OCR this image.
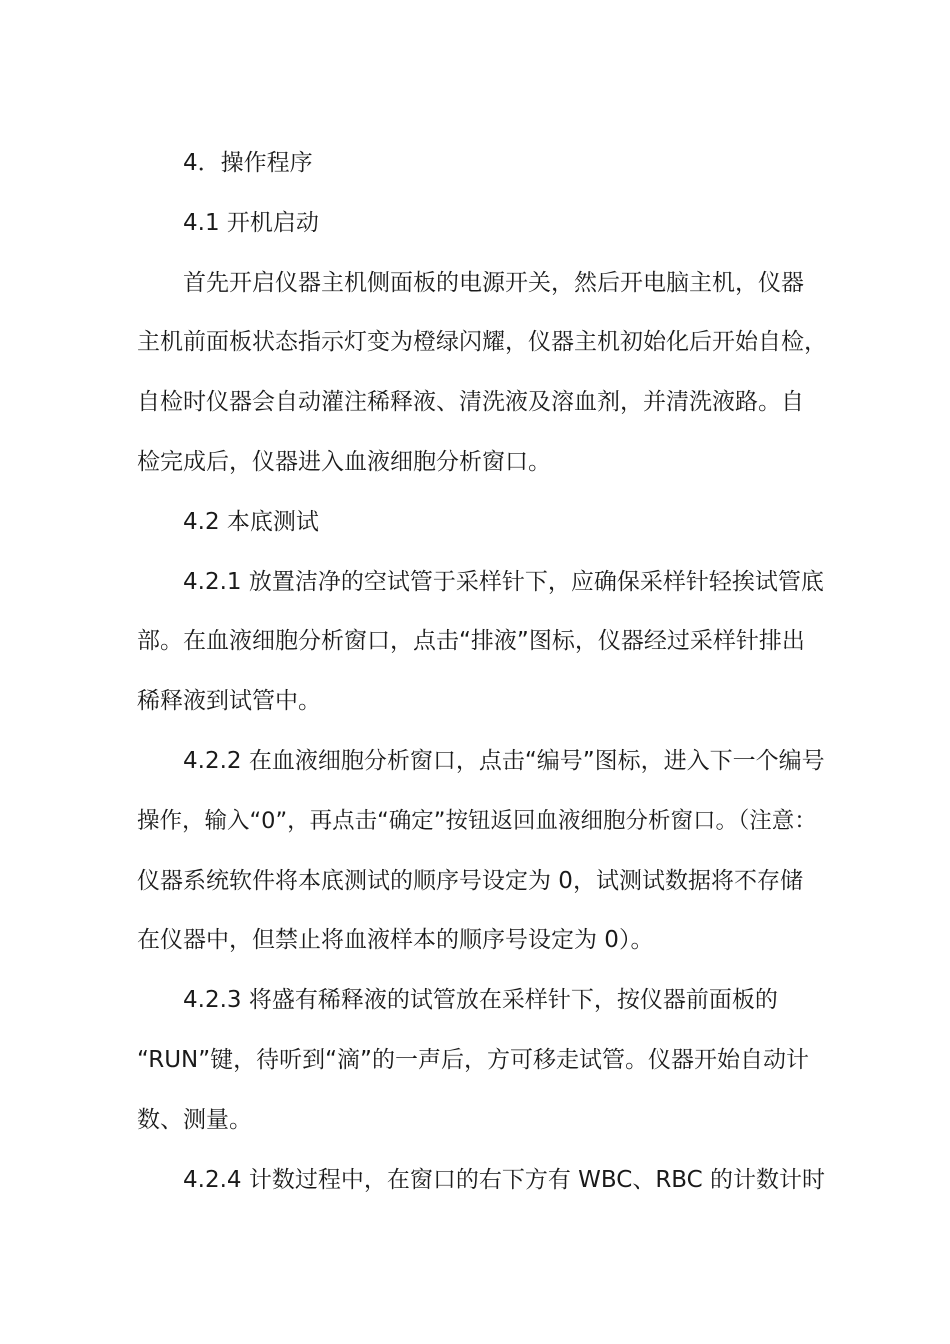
4．操作程序
4.1 开机启动
首先开启仪器主机侧面板的电源开关，然后开电脑主机，仪器
主机前面板状态指示灯变为橙绿闪耀，仪器主机初始化后开始自检，
自检时仪器会自动灌注稀释液、清洗液及溶血剂，并清洗液路。自
检完成后，仪器进入血液细胞分析窗口。
4.2 本底测试
4.2.1 放置洁净的空试管于采样针下，应确保采样针轻挨试管底
部。在血液细胞分析窗口，点击“排液”图标，仪器经过采样针排出
稀释液到试管中。
4.2.2 在血液细胞分析窗口，点击“编号”图标，进入下一个编号
操作，输入“0”，再点击“确定”按钮返回血液细胞分析窗口。（注意：
仪器系统软件将本底测试的顺序号设定为 0，试测试数据将不存储
在仪器中，但禁止将血液样本的顺序号设定为 0）。
4.2.3 将盛有稀释液的试管放在采样针下，按仪器前面板的
“RUN”键，待听到“滴”的一声后，方可移走试管。仪器开始自动计
数、测量。
4.2.4 计数过程中，在窗口的右下方有 WBC、RBC 的计数计时
